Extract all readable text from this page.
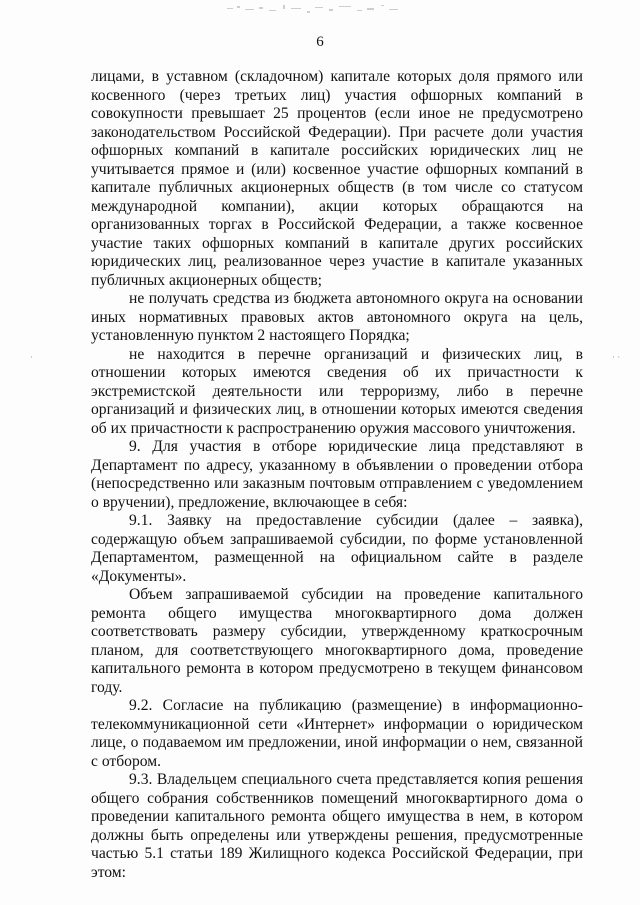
· ·
·
6

лицами, в уставном (складочном) капитале которых доля прямого или косвенного (через третьих лиц) участия офшорных компаний в совокупности превышает 25 процентов (если иное не предусмотрено законодательством Российской Федерации). При расчете доли участия офшорных компаний в капитале российских юридических лиц не учитывается прямое и (или) косвенное участие офшорных компаний в капитале публичных акционерных обществ (в том числе со статусом международной компании), акции которых обращаются на организованных торгах в Российской Федерации, а также косвенное участие таких офшорных компаний в капитале других российских юридических лиц, реализованное через участие в капитале указанных публичных акционерных обществ;

не получать средства из бюджета автономного округа на основании иных нормативных правовых актов автономного округа на цель, установленную пунктом 2 настоящего Порядка;

не находится в перечне организаций и физических лиц, в отношении которых имеются сведения об их причастности к экстремистской деятельности или терроризму, либо в перечне организаций и физических лиц, в отношении которых имеются сведения об их причастности к распространению оружия массового уничтожения.

9. Для участия в отборе юридические лица представляют в Департамент по адресу, указанному в объявлении о проведении отбора (непосредственно или заказным почтовым отправлением с уведомлением о вручении), предложение, включающее в себя:

9.1. Заявку на предоставление субсидии (далее – заявка), содержащую объем запрашиваемой субсидии, по форме установленной Департаментом, размещенной на официальном сайте в разделе «Документы».

Объем запрашиваемой субсидии на проведение капитального ремонта общего имущества многоквартирного дома должен соответствовать размеру субсидии, утвержденному краткосрочным планом, для соответствующего многоквартирного дома, проведение капитального ремонта в котором предусмотрено в текущем финансовом году.

9.2. Согласие на публикацию (размещение) в информационно-телекоммуникационной сети «Интернет» информации о юридическом лице, о подаваемом им предложении, иной информации о нем, связанной с отбором.

9.3. Владельцем специального счета представляется копия решения общего собрания собственников помещений многоквартирного дома о проведении капитального ремонта общего имущества в нем, в котором должны быть определены или утверждены решения, предусмотренные частью 5.1 статьи 189 Жилищного кодекса Российской Федерации, при этом:
